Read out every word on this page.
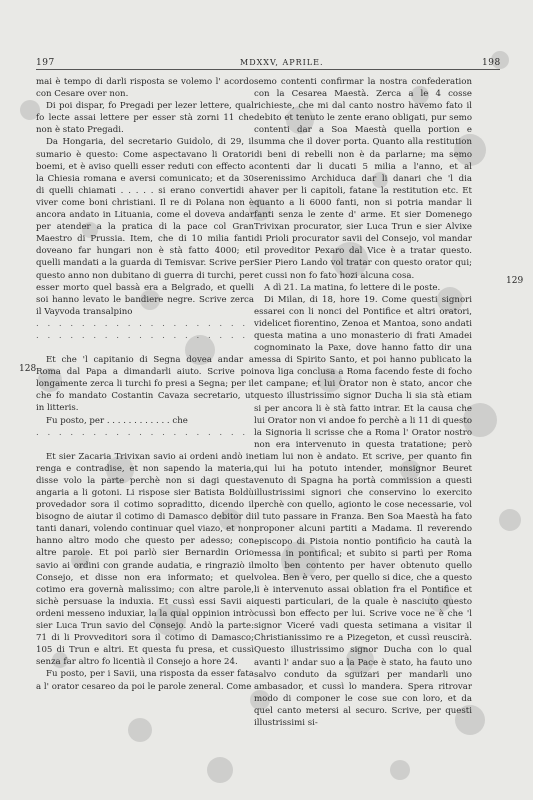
197	MDXXV, APRILE.	198
128
129

mai è tempo di darli risposta se volemo l' acordo con Cesare over non.

Di poi dispar, fo Pregadi per lezer lettere, qual fo lecte assai lettere per esser stà zorni 11 che non è stato Pregadi.

Da Hongaria, del secretario Guidolo, di 29, il sumario è questo: Come aspectavano li Oratori boemi, et è aviso quelli esser reduti con effecto a la Chiesia romana e aversi comunicato; et da 30 di quelli chiamati . . . . . si erano convertidi a viver come boni christiani. Il re di Polana non è ancora andato in Lituania, come el doveva andar per atender a la pratica di la pace col Gran Maestro di Prussia. Item, che di 10 milia fanti doveano far hungari non è stà fatto 4000; et quelli mandati a la guarda di Temisvar. Scrive per questo anno non dubitano di guerra di turchi, per esser morto quel bassà era a Belgrado, et quelli soi hanno levato le bandiere negre. Scrive zerca il Vayvoda transalpino

. . . . . . . . . . . . . . . . . . .

. . . . . . . . . . . . . . . . . . .

Et che 'l capitanio di Segna dovea andar a Roma dal Papa a dimandarli aiuto. Scrive poi longamente zerca li turchi fo presi a Segna; per il che fo mandato Costantin Cavaza secretario, ut in litteris.

Fu posto, per . . . . . . . . . . . . che

. . . . . . . . . . . . . . . . . . .

Et sier Zacaria Trivixan savio ai ordeni andò in renga e contradise, et non sapendo la materia, disse volo la parte perchè non si dagi questa angaria a li gotoni. Li rispose sier Batista Boldù provedador sora il cotimo sopraditto, dicendo il bisogno de aiutar il cotimo di Damasco debitor di tanti danari, volendo continuar quel viazo, et non hanno altro modo che questo per adesso; con altre parole. Et poi parlò sier Bernardin Orio savio ai ordini con grande audatia, e ringraziò il Consejo, et disse non era informato; et quel cotimo era governà malissimo; con altre parole, sichè persuase la induxia. Et cussì essi Savii ai ordeni messeno induxiar, la la qual oppinion intrò sier Luca Trun savio del Consejo. Andò la parte: 71 di li Provveditori sora il cotimo di Damasco; 105 di Trun e altri. Et questa fu presa, et cussì senza far altro fo licentià il Consejo a hore 24.

Fu posto, per i Savii, una risposta da esser fata a l' orator cesareo da poi le parole zeneral. Come

semo contenti confirmar la nostra confederation con la Cesarea Maestà. Zerca a le 4 cosse richieste, che mi dal canto nostro havemo fato il debito et tenuto le zente erano obligati, pur semo contenti dar a Soa Maestà quella portion e summa che il dover porta. Quanto alla restitution di beni di rebelli non è da parlarne; ma semo contenti dar li ducati 5 milia a l'anno, et al serenissimo Archiduca dar li danari che 'l dia haver per li capitoli, fatane la restitution etc. Et quanto a li 6000 fanti, non si potria mandar li fanti senza le zente d' arme. Et sier Domenego Trivixan procurator, sier Luca Trun e sier Alvixe di Prioli procurator savii del Consejo, vol mandar il proveditor Pexaro dal Vice è a tratar questo. Sier Piero Lando vol tratar con questo orator qui; et cussi non fo fato hozi alcuna cosa.

A dì 21. La matina, fo lettere di le poste.

Di Milan, di 18, hore 19. Come questi signori essarei con li nonci del Pontifice et altri oratori, videlicet fiorentino, Zenoa et Mantoa, sono andati questa matina a uno monasterio di frati Amadei cognominato la Paxe, dove hanno fatto dir una messa di Spirito Santo, et poi hanno publicato la nova liga conclusa a Roma facendo feste di focho et campane; et lui Orator non è stato, ancor che questo illustrissimo signor Ducha li sia stà etiam si per ancora li è stà fatto intrar. Et la causa che lui Orator non vi andoe fo perchè a li 11 di questo la Signoria li scrisse che a Roma l' Orator nostro non era intervenuto in questa tratatione; però etiam lui non è andato. Et scrive, per quanto fin qui lui ha potuto intender, monsignor Beuret venuto di Spagna ha portà commission a questi illustrissimi signori che conservino lo exercito perchè con quello, agionto le cose necessarie, vol il tuto passare in Franza. Ben Soa Maestà ha fato proponer alcuni partiti a Madama. Il reverendo episcopo di Pistoia nontio pontificio ha cautà la messa in pontifical; et subito si partì per Roma molto ben contento per haver obtenuto quello volea. Ben è vero, per quello si dice, che a questo li è intervenuto assai oblation fra el Pontifice et questi particulari, de la quale è nasciuto questo cussì bon effecto per lui. Scrive voce ne è che 'l signor Viceré vadi questa setimana a visitar il Christianissimo re a Pizegeton, et cussì reuscirà. Questo illustrissimo signor Ducha con lo qual avanti l' andar suo a la Pace è stato, ha fauto uno salvo conduto da sguizari per mandarli uno ambasador, et cussì lo mandera. Spera ritrovar modo di componer le cose sue con loro, et da quel canto metersi al securo. Scrive, per questi illustrissimi si-
